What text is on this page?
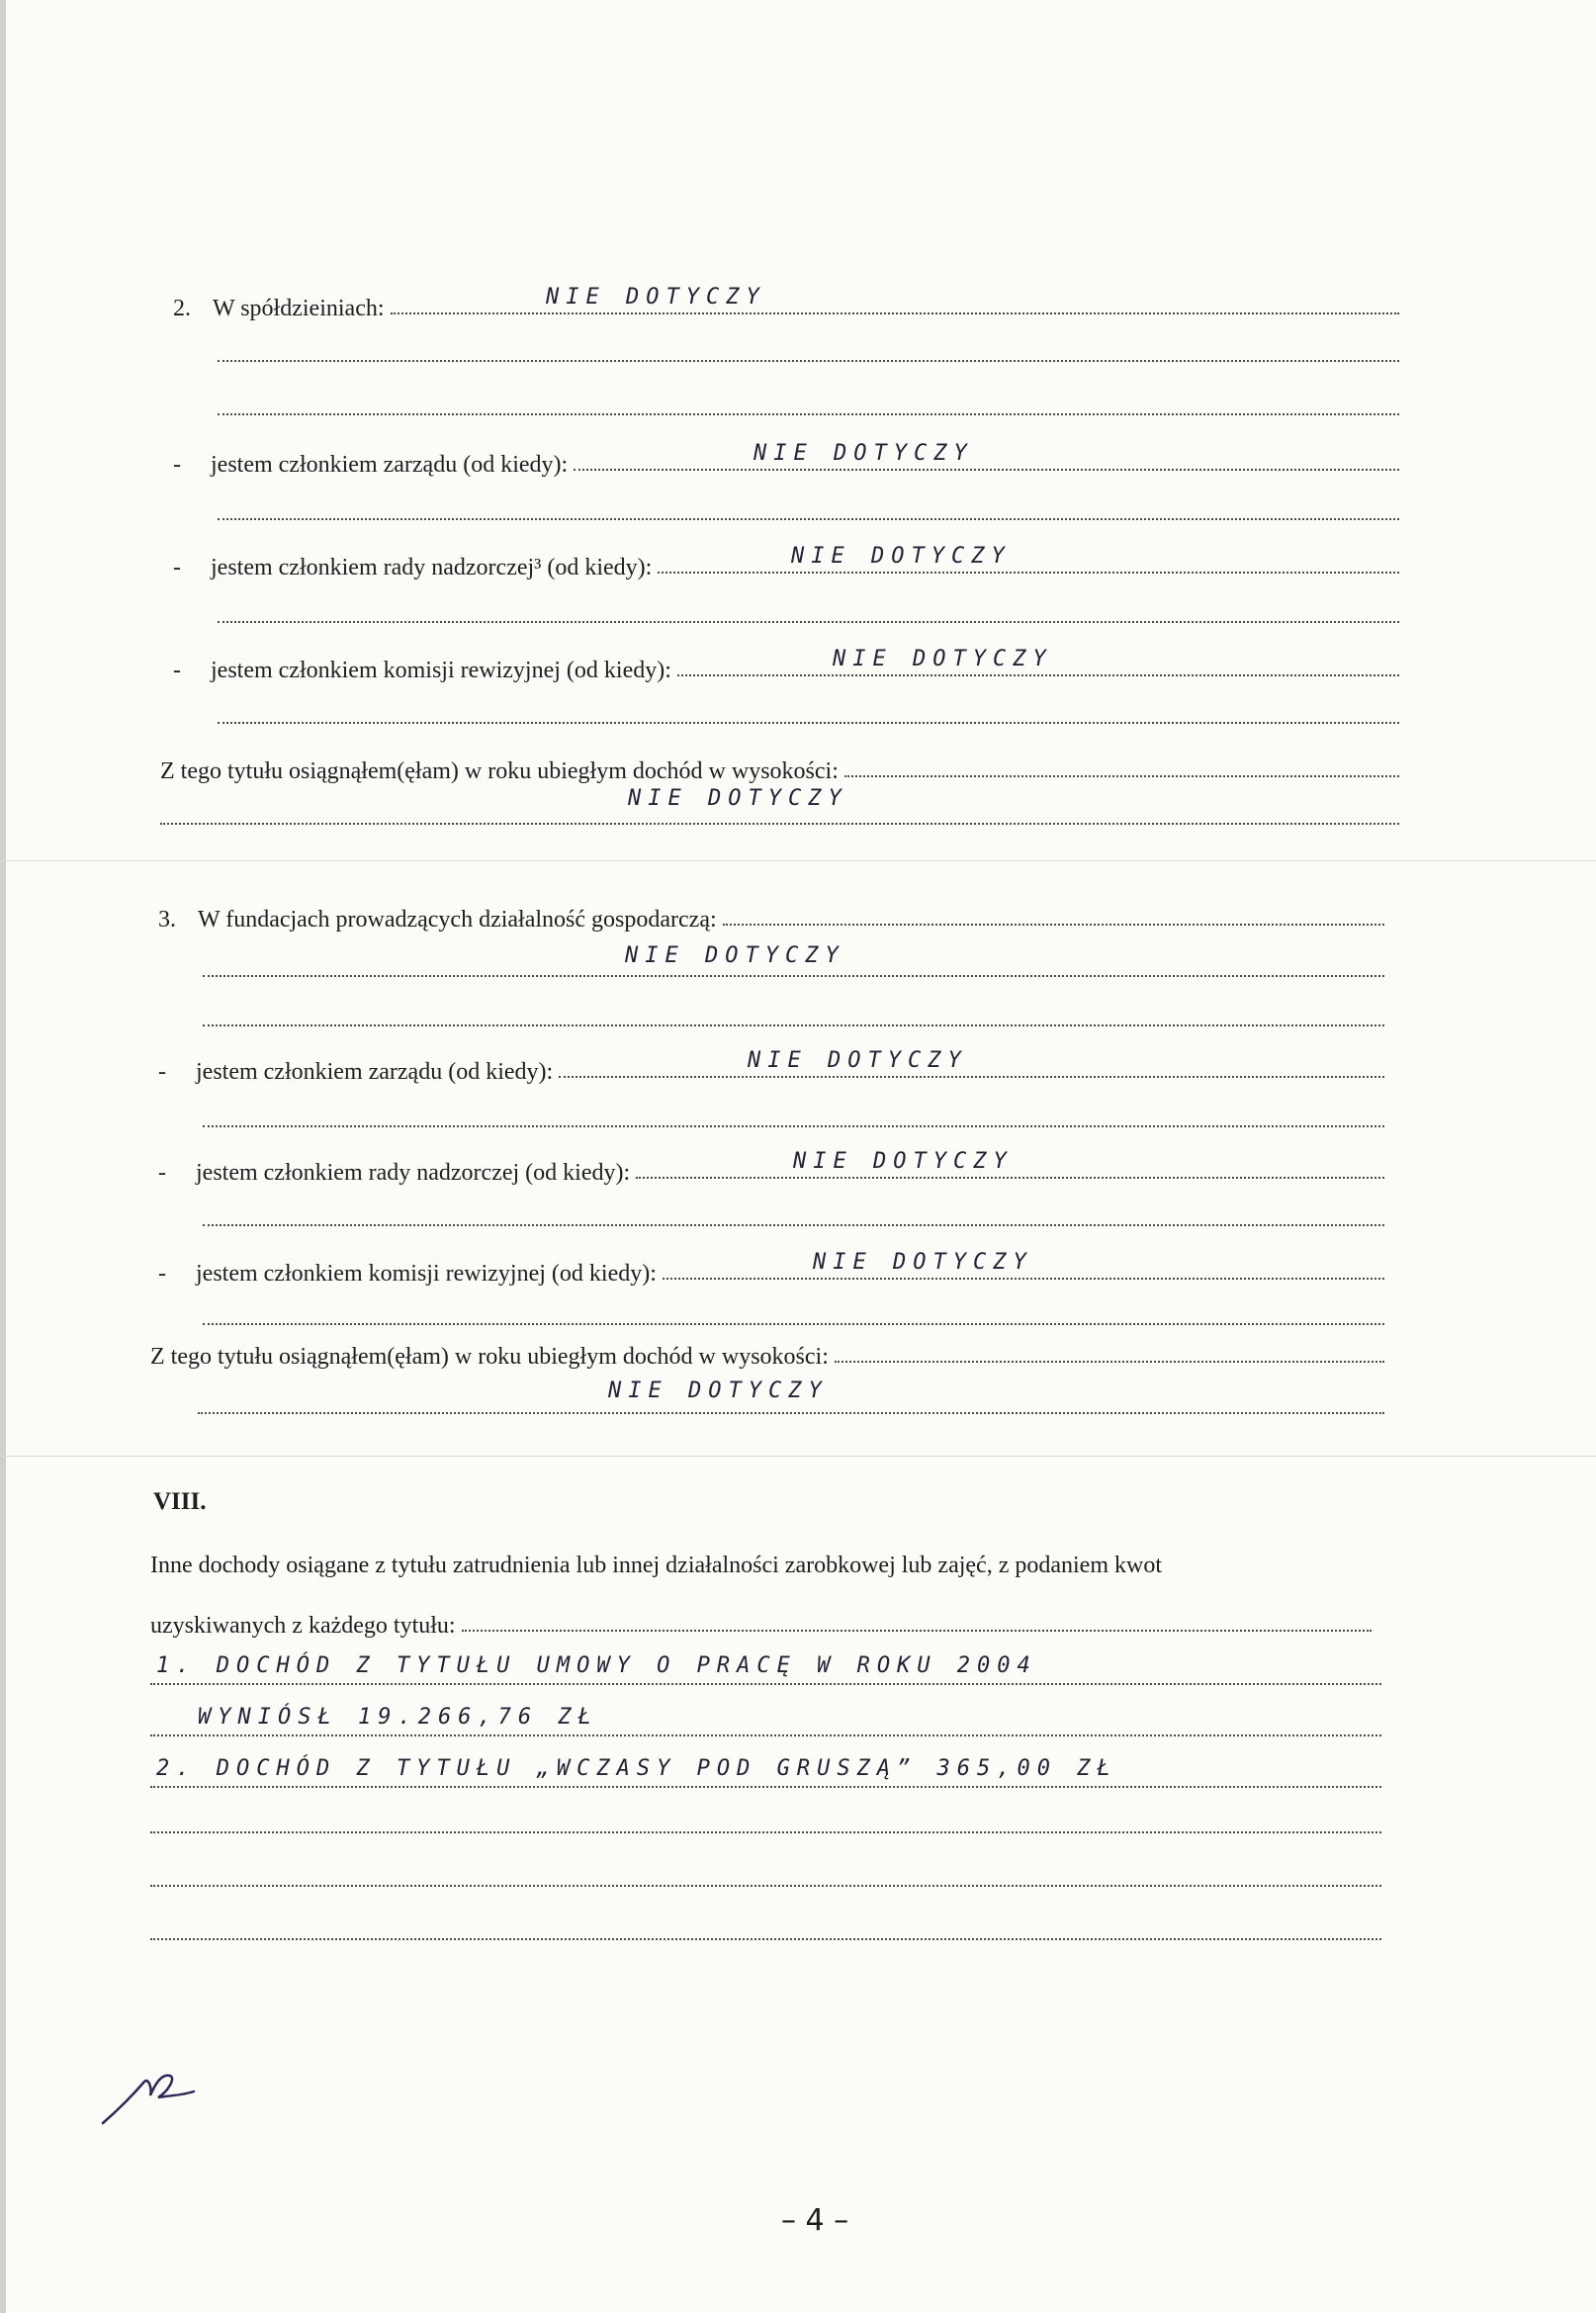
2. W spółdzieiniach:	NIE DOTYCZY
- jestem członkiem zarządu (od kiedy):	NIE DOTYCZY
- jestem członkiem rady nadzorczej³ (od kiedy):	NIE DOTYCZY
- jestem członkiem komisji rewizyjnej (od kiedy):	NIE DOTYCZY
Z tego tytułu osiągnąłem(ęłam) w roku ubiegłym dochód w wysokości:
NIE DOTYCZY
3. W fundacjach prowadzących działalność gospodarczą:
NIE DOTYCZY
- jestem członkiem zarządu (od kiedy):	NIE DOTYCZY
- jestem członkiem rady nadzorczej (od kiedy):	NIE DOTYCZY
- jestem członkiem komisji rewizyjnej (od kiedy):	NIE DOTYCZY
Z tego tytułu osiągnąłem(ęłam) w roku ubiegłym dochód w wysokości:
NIE DOTYCZY
VIII.
Inne dochody osiągane z tytułu zatrudnienia lub innej działalności zarobkowej lub zajęć, z podaniem kwot
uzyskiwanych z każdego tytułu:
1. DOCHÓD Z TYTUŁU UMOWY O PRACĘ W ROKU 2004
WYNIÓSŁ 19.266,76 ZŁ
2. DOCHÓD Z TYTUŁU „WCZASY POD GRUSZĄ” 365,00 ZŁ
– 4 –
